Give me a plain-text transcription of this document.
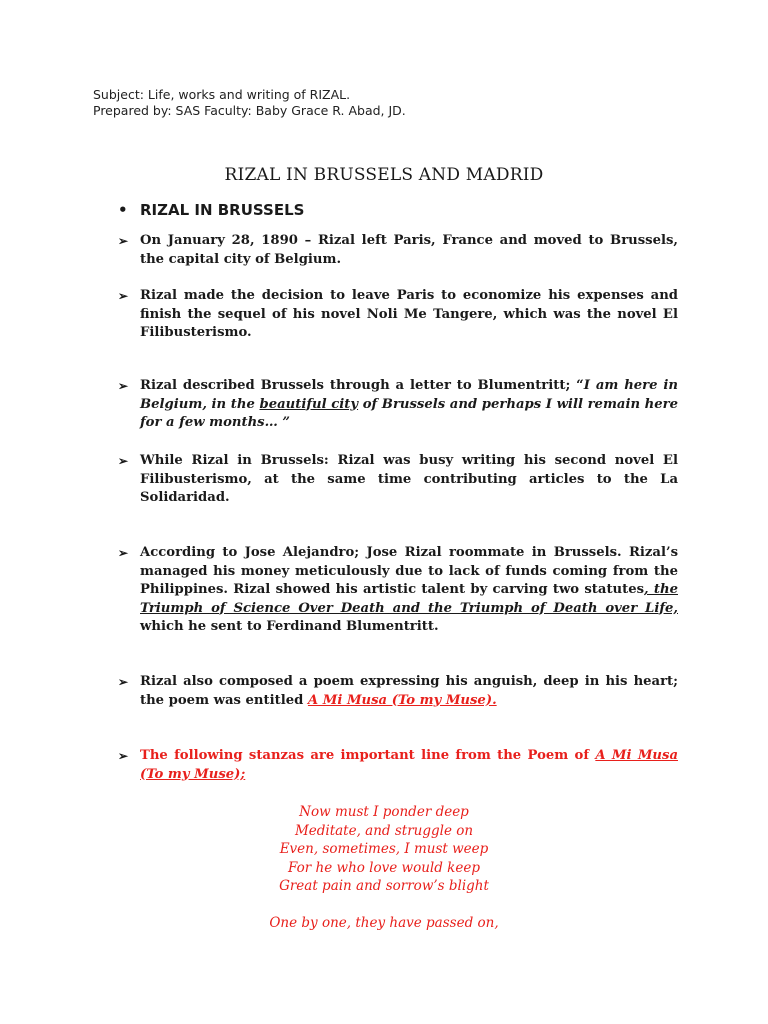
Subject: Life, works and writing of RIZAL.
Prepared by: SAS Faculty: Baby Grace R. Abad, JD.
RIZAL IN BRUSSELS AND MADRID
• RIZAL IN BRUSSELS
➢ On January 28, 1890 – Rizal left Paris, France and moved to Brussels, the capital city of Belgium.
➢ Rizal made the decision to leave Paris to economize his expenses and finish the sequel of his novel Noli Me Tangere, which was the novel El Filibusterismo.
➢ Rizal described Brussels through a letter to Blumentritt; “I am here in Belgium, in the beautiful city of Brussels and perhaps I will remain here for a few months… ”
➢ While Rizal in Brussels: Rizal was busy writing his second novel El Filibusterismo, at the same time contributing articles to the La Solidaridad.
➢ According to Jose Alejandro; Jose Rizal roommate in Brussels. Rizal’s managed his money meticulously due to lack of funds coming from the Philippines. Rizal showed his artistic talent by carving two statutes, the Triumph of Science Over Death and the Triumph of Death over Life, which he sent to Ferdinand Blumentritt.
➢ Rizal also composed a poem expressing his anguish, deep in his heart; the poem was entitled A Mi Musa (To my Muse).
➢ The following stanzas are important line from the Poem of A Mi Musa (To my Muse);
Now must I ponder deep
Meditate, and struggle on
Even, sometimes, I must weep
For he who love would keep
Great pain and sorrow’s blight
One by one, they have passed on,
